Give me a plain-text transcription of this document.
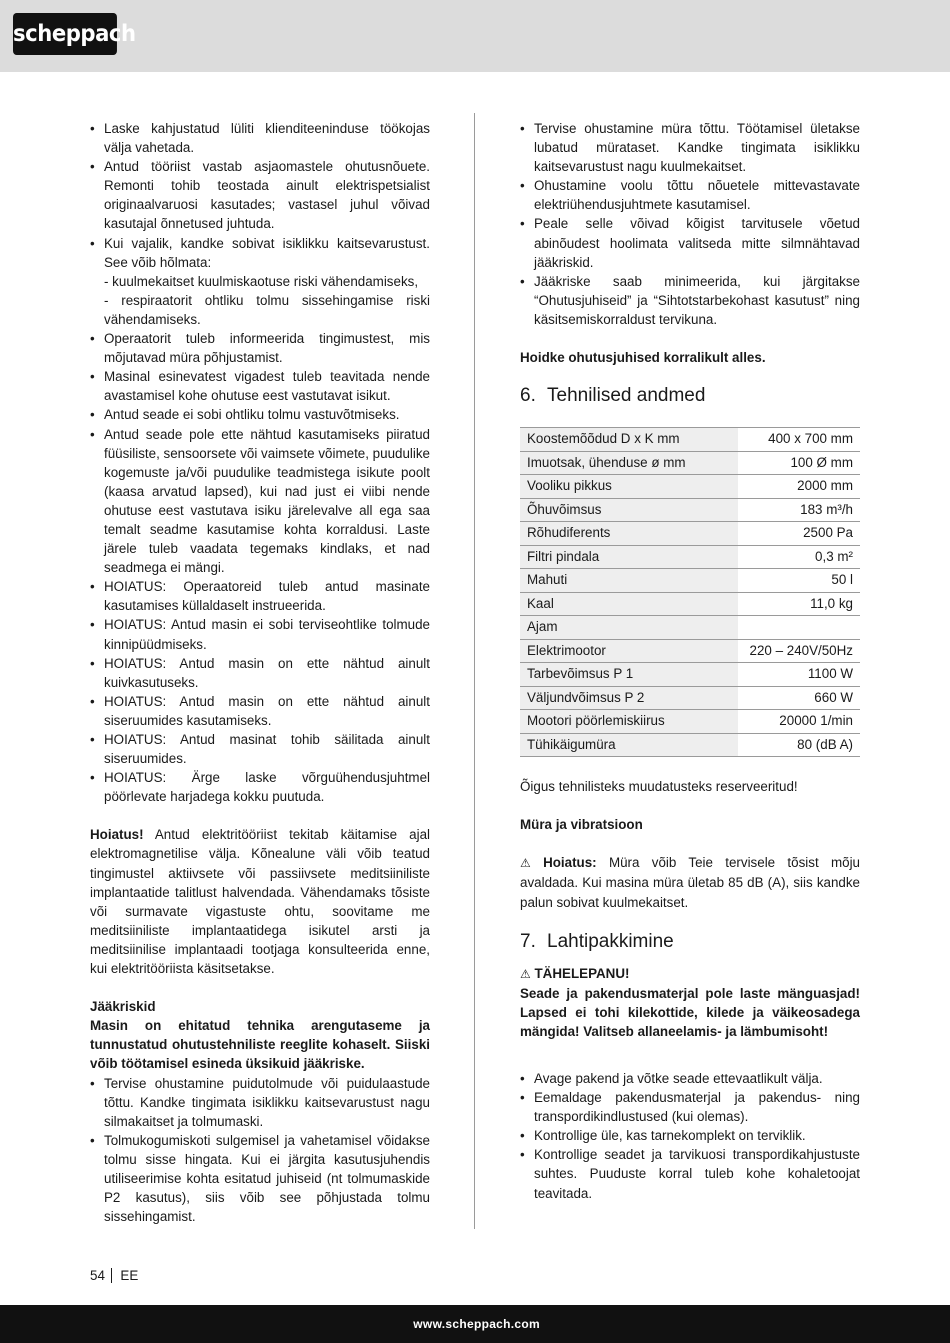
scheppach
• Laske kahjustatud lüliti klienditeeninduse töökojas välja vahetada.
• Antud tööriist vastab asjaomastele ohutusnõuete. Remonti tohib teostada ainult elektrispetsialist originaalvaruosi kasutades; vastasel juhul võivad kasutajal õnnetused juhtuda.
• Kui vajalik, kandke sobivat isiklikku kaitsevarustust. See võib hõlmata:
- kuulmekaitset kuulmiskaotuse riski vähendamiseks,
- respiraatorit ohtliku tolmu sissehingamise riski vähendamiseks.
• Operaatorit tuleb informeerida tingimustest, mis mõjutavad müra põhjustamist.
• Masinal esinevatest vigadest tuleb teavitada nende avastamisel kohe ohutuse eest vastutavat isikut.
• Antud seade ei sobi ohtliku tolmu vastuvõtmiseks.
• Antud seade pole ette nähtud kasutamiseks piiratud füüsiliste, sensoorsete või vaimsete võimete, puudulike kogemuste ja/või puudulike teadmistega isikute poolt (kaasa arvatud lapsed), kui nad just ei viibi nende ohutuse eest vastutava isiku järelevalve all ega saa temalt seadme kasutamise kohta korraldusi. Laste järele tuleb vaadata tegemaks kindlaks, et nad seadmega ei mängi.
• HOIATUS: Operaatoreid tuleb antud masinate kasutamises küllaldaselt instrueerida.
• HOIATUS: Antud masin ei sobi terviseohtlike tolmude kinnipüüdmiseks.
• HOIATUS: Antud masin on ette nähtud ainult kuivkasutuseks.
• HOIATUS: Antud masin on ette nähtud ainult siseruumides kasutamiseks.
• HOIATUS: Antud masinat tohib säilitada ainult siseruumides.
• HOIATUS: Ärge laske võrguühendusjuhtmel pöörlevate harjadega kokku puutuda.

Hoiatus! Antud elektritööriist tekitab käitamise ajal elektromagnetilise välja. Kõnealune väli võib teatud tingimustel aktiivsete või passiivsete meditsiiniliste implantaatide talitlust halvendada. Vähendamaks tõsiste või surmavate vigastuste ohtu, soovitame me meditsiiniliste implantaatidega isikutel arsti ja meditsiinilise implantaadi tootjaga konsulteerida enne, kui elektritööriista käsitsetakse.

Jääkriskid

Masin on ehitatud tehnika arengutaseme ja tunnustatud ohutustehniliste reeglite kohaselt. Siiski võib töötamisel esineda üksikuid jääkriske.

• Tervise ohustamine puidutolmude või puidulaastude tõttu. Kandke tingimata isiklikku kaitsevarustust nagu silmakaitset ja tolmumaski.
• Tolmukogumiskoti sulgemisel ja vahetamisel võidakse tolmu sisse hingata. Kui ei järgita kasutusjuhendis utiliseerimise kohta esitatud juhiseid (nt tolmumaskide P2 kasutus), siis võib see põhjustada tolmu sissehingamist.
• Tervise ohustamine müra tõttu. Töötamisel ületakse lubatud mürataset. Kandke tingimata isiklikku kaitsevarustust nagu kuulmekaitset.
• Ohustamine voolu tõttu nõuetele mittevastavate elektriühendusjuhtmete kasutamisel.
• Peale selle võivad kõigist tarvitusele võetud abinõudest hoolimata valitseda mitte silmnähtavad jääkriskid.
• Jääkriske saab minimeerida, kui järgitakse “Ohutusjuhiseid” ja “Sihtotstarbekohast kasutust” ning käsitsemiskorraldust tervikuna.

Hoidke ohutusjuhised korralikult alles.

6. Tehnilised andmed
Koostemõõdud D x K mm	400 x 700 mm
Imuotsak, ühenduse ø mm	100 Ø mm
Vooliku pikkus	2000 mm
Õhuvõimsus	183 m³/h
Rõhudiferents	2500 Pa
Filtri pindala	0,3 m²
Mahuti	50 l
Kaal	11,0 kg
Ajam	
Elektrimootor	220 – 240V/50Hz
Tarbevõimsus P 1	1100 W
Väljundvõimsus P 2	660 W
Mootori pöörlemiskiirus	20000 1/min
Tühikäigumüra	80 (dB A)

Õigus tehnilisteks muudatusteks reserveeritud!

Müra ja vibratsioon

⚠ Hoiatus: Müra võib Teie tervisele tõsist mõju avaldada. Kui masina müra ületab 85 dB (A), siis kandke palun sobivat kuulmekaitset.

7. Lahtipakkimine

⚠ TÄHELEPANU!

Seade ja pakendusmaterjal pole laste mänguasjad! Lapsed ei tohi kilekottide, kilede ja väikeosadega mängida! Valitseb allaneelamis- ja lämbumisoht!

• Avage pakend ja võtke seade ettevaatlikult välja.
• Eemaldage pakendusmaterjal ja pakendus- ning transpordikindlustused (kui olemas).
• Kontrollige üle, kas tarnekomplekt on terviklik.
• Kontrollige seadet ja tarvikuosi transpordikahjustuste suhtes. Puuduste korral tuleb kohe kohaletoojat teavitada.
54 EE
www.scheppach.com
